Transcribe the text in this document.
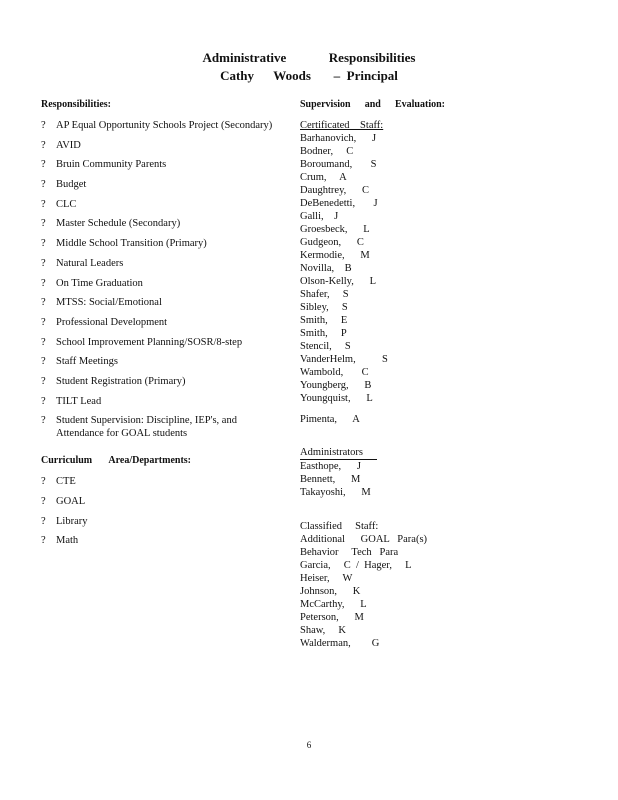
Administrative          Responsibilities
Cathy      Woods       –  Principal
Responsibilities:
? AP Equal Opportunity Schools Project (Secondary)
? AVID
? Bruin Community Parents
? Budget
? CLC
? Master Schedule (Secondary)
? Middle School Transition (Primary)
? Natural Leaders
? On Time Graduation
? MTSS: Social/Emotional
? Professional Development
? School Improvement Planning/SOSR/8-step
? Staff Meetings
? Student Registration (Primary)
? TILT Lead
? Student Supervision: Discipline, IEP's, and Attendance for GOAL students
Curriculum Area/Departments:
? CTE
? GOAL
? Library
? Math
Supervision and Evaluation:
Certificated    Staff:
Barhanovich,      J
Bodner,     C
Boroumand,       S
Crum,     A
Daughtrey,      C
DeBenedetti,       J
Galli,    J
Groesbeck,      L
Gudgeon,      C
Kermodie,      M
Novilla,    B
Olson-Kelly,      L
Shafer,     S
Sibley,     S
Smith,     E
Smith,     P
Stencil,     S
VanderHelm,          S
Wambold,       C
Youngberg,      B
Youngquist,      L
Pimenta,      A
Administrators
Easthope,      J
Bennett,      M
Takayoshi,      M
Classified     Staff:
Additional      GOAL   Para(s)
Behavior     Tech   Para
Garcia,     C  /  Hager,     L
Heiser,     W
Johnson,      K
McCarthy,      L
Peterson,      M
Shaw,     K
Walderman,        G
6
